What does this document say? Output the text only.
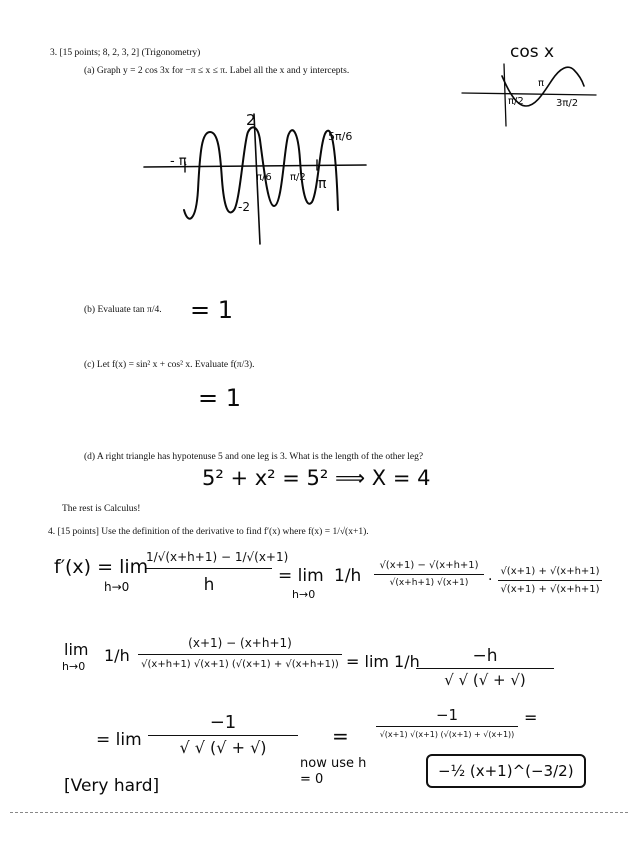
3. [15 points; 8, 2, 3, 2] (Trigonometry)
(a) Graph y = 2 cos 3x for −π ≤ x ≤ π. Label all the x and y intercepts.
(b) Evaluate tan π/4.
(c) Let f(x) = sin² x + cos² x. Evaluate f(π/3).
(d) A right triangle has hypotenuse 5 and one leg is 3. What is the length of the other leg?
The rest is Calculus!
4. [15 points] Use the definition of the derivative to find f′(x) where f(x) = 1/√(x+1).
2
-2
- π
π
π/6 π/2
5π/6
cos x
π
π/2	3π/2
= 1
= 1
5² + x² = 5² ⟹ X = 4
f′(x) = lim
h→0
1/√(x+h+1) − 1/√(x+1)
h	= lim
h→0
$1/h \frac{√(x+1) - √(x+h+1)}{√(x+h+1) √(x+1)} \cdot \frac{√(x+1) + √(x+h+1)}{√(x+1) + √(x+h+1)}$
lim
h→0
1/h
(x+1) − (x+h+1)
√(x+h+1) √(x+1) (√(x+1) + √(x+h+1)) = lim 1/h	−h
√ √ (√ + √)
= lim
−1
√ √ (√ + √)	=
−1
√(x+1) √(x+1) (√(x+1) + √(x+1))
=
now use h = 0
[Very hard]
−½ (x+1)^(−3/2)
